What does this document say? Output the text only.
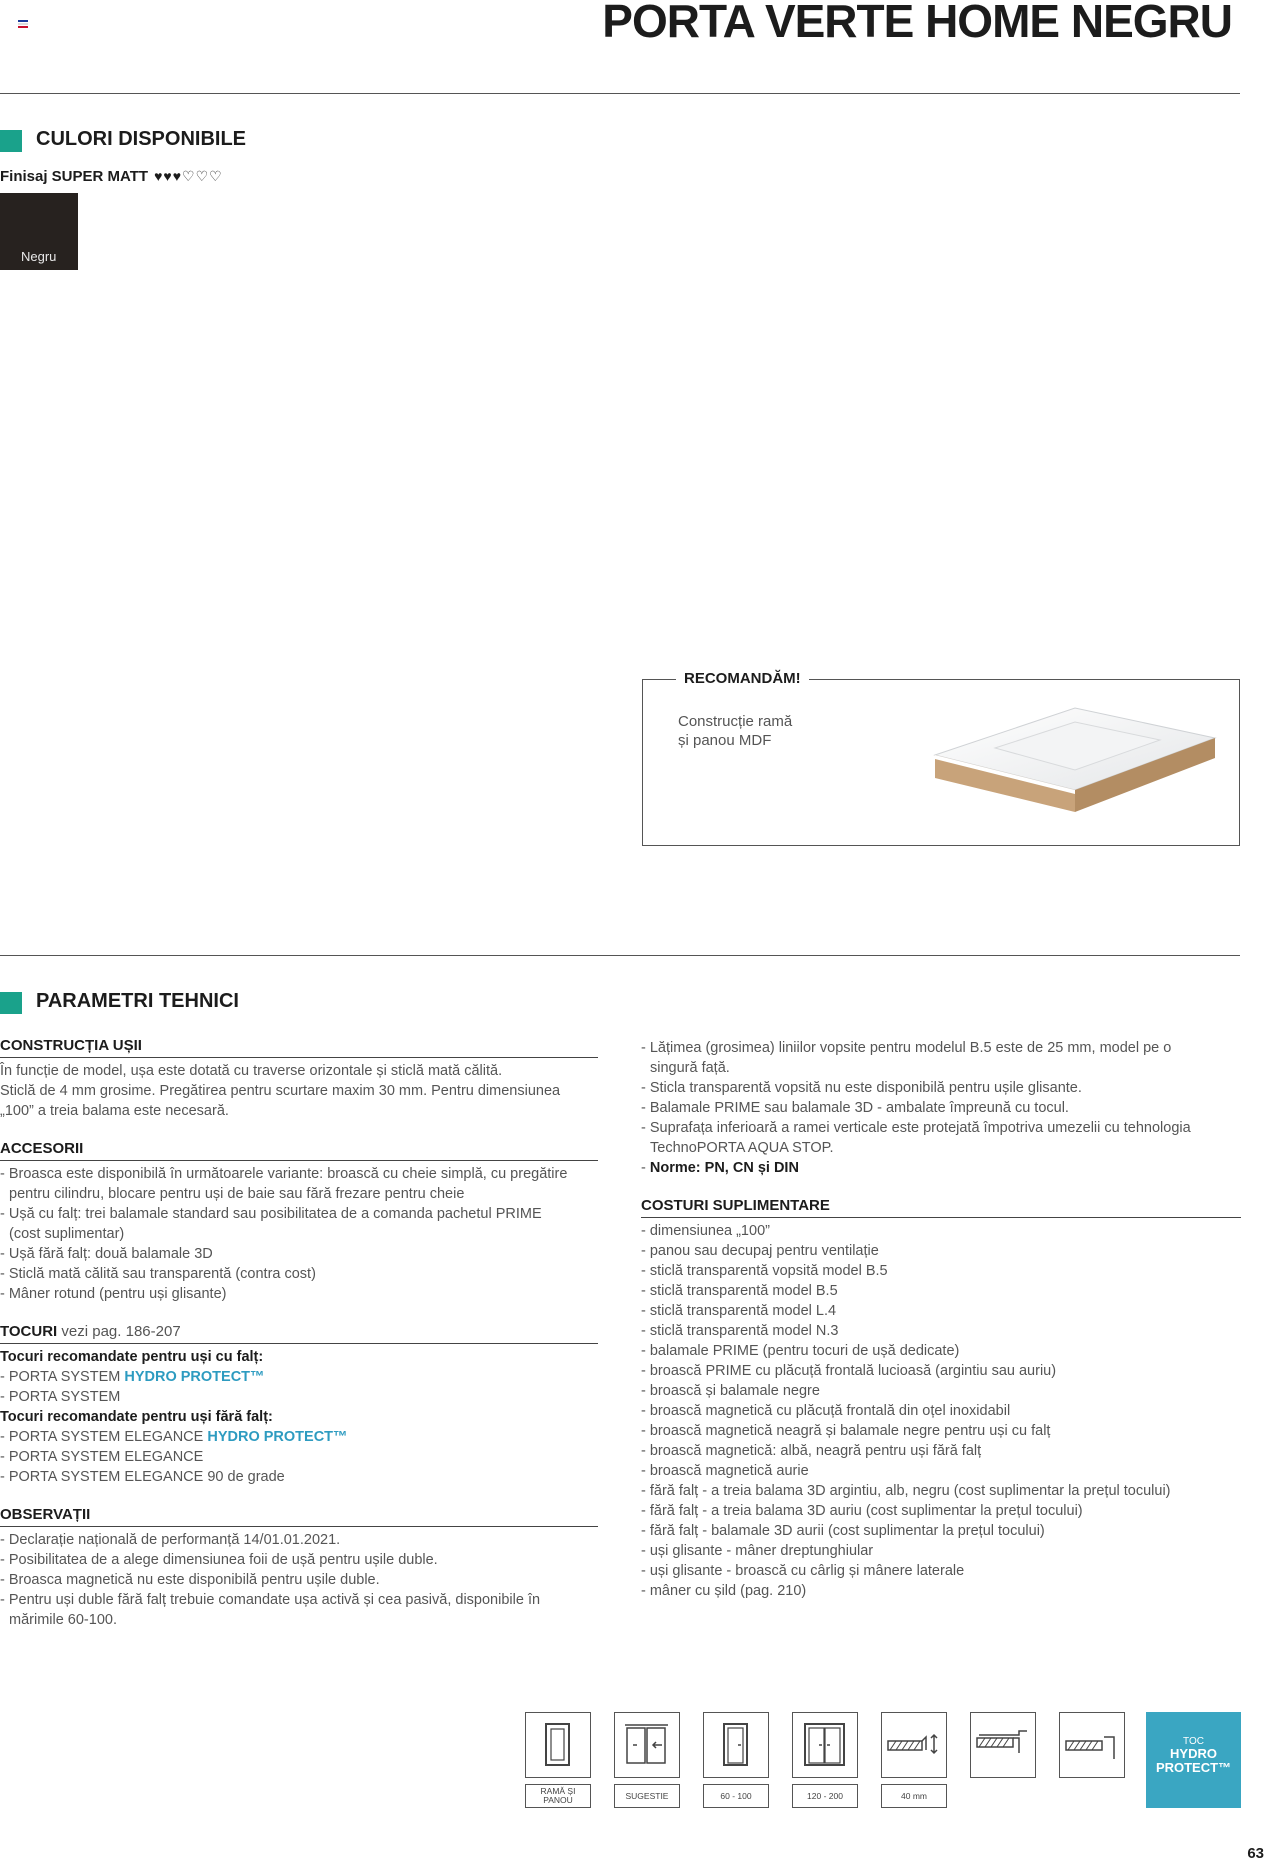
PORTA VERTE HOME NEGRU
CULORI DISPONIBILE
Finisaj SUPER MATT ♥♥♥♡♡♡
Negru
RECOMANDĂM!
Construcție ramă
și panou MDF
PARAMETRI TEHNICI
CONSTRUCȚIA UȘII

În funcție de model, ușa este dotată cu traverse orizontale și sticlă mată călită.

Sticlă de 4 mm grosime. Pregătirea pentru scurtare maxim 30 mm. Pentru dimensiunea

„100” a treia balama este necesară.

ACCESORII

- Broasca este disponibilă în următoarele variante: broască cu cheie simplă, cu pregătire

pentru cilindru, blocare pentru uși de baie sau fără frezare pentru cheie

- Ușă cu falț: trei balamale standard sau posibilitatea de a comanda pachetul PRIME

(cost suplimentar)

- Ușă fără falț: două balamale 3D

- Sticlă mată călită sau transparentă (contra cost)

- Mâner rotund (pentru uși glisante)

TOCURI vezi pag. 186-207

Tocuri recomandate pentru uși cu falț:

- PORTA SYSTEM HYDRO PROTECT™

- PORTA SYSTEM

Tocuri recomandate pentru uși fără falț:

- PORTA SYSTEM ELEGANCE HYDRO PROTECT™

- PORTA SYSTEM ELEGANCE

- PORTA SYSTEM ELEGANCE 90 de grade

OBSERVAȚII

- Declarație națională de performanță 14/01.01.2021.

- Posibilitatea de a alege dimensiunea foii de ușă pentru ușile duble.

- Broasca magnetică nu este disponibilă pentru ușile duble.

- Pentru uși duble fără falț trebuie comandate ușa activă și cea pasivă, disponibile în

mărimile 60-100.

- Lățimea (grosimea) liniilor vopsite pentru modelul B.5 este de 25 mm, model pe o

singură față.

- Sticla transparentă vopsită nu este disponibilă pentru ușile glisante.

- Balamale PRIME sau balamale 3D - ambalate împreună cu tocul.

- Suprafața inferioară a ramei verticale este protejată împotriva umezelii cu tehnologia

TechnoPORTA AQUA STOP.

- Norme: PN, CN și DIN

COSTURI SUPLIMENTARE

- dimensiunea „100”

- panou sau decupaj pentru ventilație

- sticlă transparentă vopsită model B.5

- sticlă transparentă model B.5

- sticlă transparentă model L.4

- sticlă transparentă model N.3

- balamale PRIME (pentru tocuri de ușă dedicate)

- broască PRIME cu plăcuță frontală lucioasă (argintiu sau auriu)

- broască și balamale negre

- broască magnetică cu plăcuță frontală din oțel inoxidabil

- broască magnetică neagră și balamale negre pentru uși cu falț

- broască magnetică: albă, neagră pentru uși fără falț

- broască magnetică aurie

- fără falț - a treia balama 3D argintiu, alb, negru (cost suplimentar la prețul tocului)

- fără falț - a treia balama 3D auriu (cost suplimentar la prețul tocului)

- fără falț - balamale 3D aurii (cost suplimentar la prețul tocului)

- uși glisante - mâner dreptunghiular

- uși glisante - broască cu cârlig și mânere laterale

- mâner cu șild (pag. 210)

RAMĂ ȘI PANOU	SUGESTIE	60 - 100	120 - 200	40 mm
TOC
HYDRO
PROTECT™
63
